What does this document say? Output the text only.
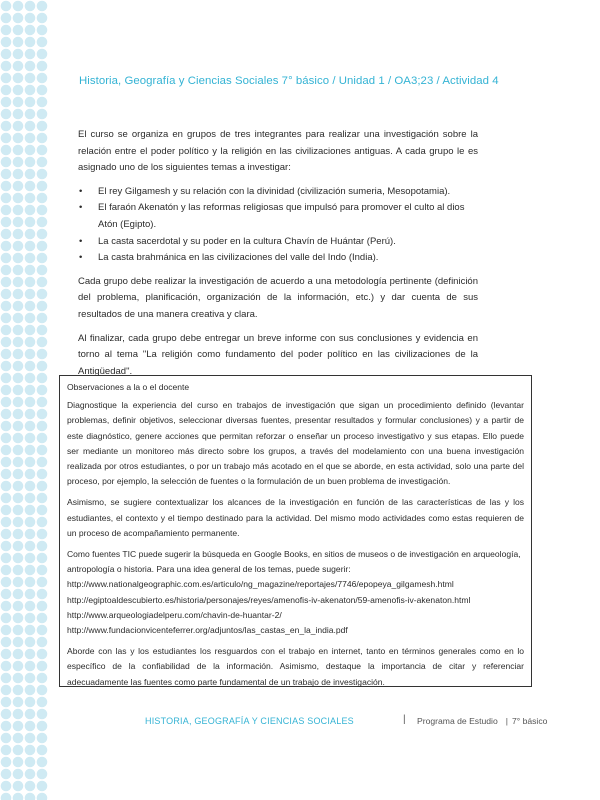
Historia, Geografía y Ciencias Sociales 7° básico / Unidad 1 / OA3;23 / Actividad 4

El curso se organiza en grupos de tres integrantes para realizar una investigación sobre la relación entre el poder político y la religión en las civilizaciones antiguas. A cada grupo le es asignado uno de los siguientes temas a investigar:

• El rey Gilgamesh y su relación con la divinidad (civilización sumeria, Mesopotamia).
• El faraón Akenatón y las reformas religiosas que impulsó para promover el culto al dios Atón (Egipto).
• La casta sacerdotal y su poder en la cultura Chavín de Huántar (Perú).
• La casta brahmánica en las civilizaciones del valle del Indo (India).

Cada grupo debe realizar la investigación de acuerdo a una metodología pertinente (definición del problema, planificación, organización de la información, etc.) y dar cuenta de sus resultados de una manera creativa y clara.

Al finalizar, cada grupo debe entregar un breve informe con sus conclusiones y evidencia en torno al tema "La religión como fundamento del poder político en las civilizaciones de la Antigüedad".

Observaciones a la o el docente

Diagnostique la experiencia del curso en trabajos de investigación que sigan un procedimiento definido (levantar problemas, definir objetivos, seleccionar diversas fuentes, presentar resultados y formular conclusiones) y a partir de este diagnóstico, genere acciones que permitan reforzar o enseñar un proceso investigativo y sus etapas. Ello puede ser mediante un monitoreo más directo sobre los grupos, a través del modelamiento con una buena investigación realizada por otros estudiantes, o por un trabajo más acotado en el que se aborde, en esta actividad, solo una parte del proceso, por ejemplo, la selección de fuentes o la formulación de un buen problema de investigación.

Asimismo, se sugiere contextualizar los alcances de la investigación en función de las características de las y los estudiantes, el contexto y el tiempo destinado para la actividad. Del mismo modo actividades como estas requieren de un proceso de acompañamiento permanente.

Como fuentes TIC puede sugerir la búsqueda en Google Books, en sitios de museos o de investigación en arqueología, antropología o historia. Para una idea general de los temas, puede sugerir:
http://www.nationalgeographic.com.es/articulo/ng_magazine/reportajes/7746/epopeya_gilgamesh.html
http://egiptoaldescubierto.es/historia/personajes/reyes/amenofis-iv-akenaton/59-amenofis-iv-akenaton.html
http://www.arqueologiadelperu.com/chavin-de-huantar-2/
http://www.fundacionvicenteferrer.org/adjuntos/las_castas_en_la_india.pdf

Aborde con las y los estudiantes los resguardos con el trabajo en internet, tanto en términos generales como en lo específico de la confiabilidad de la información. Asimismo, destaque la importancia de citar y referenciar adecuadamente las fuentes como parte fundamental de un trabajo de investigación.

HISTORIA, GEOGRAFÍA Y CIENCIAS SOCIALES	| Programa de Estudio | 7° básico
